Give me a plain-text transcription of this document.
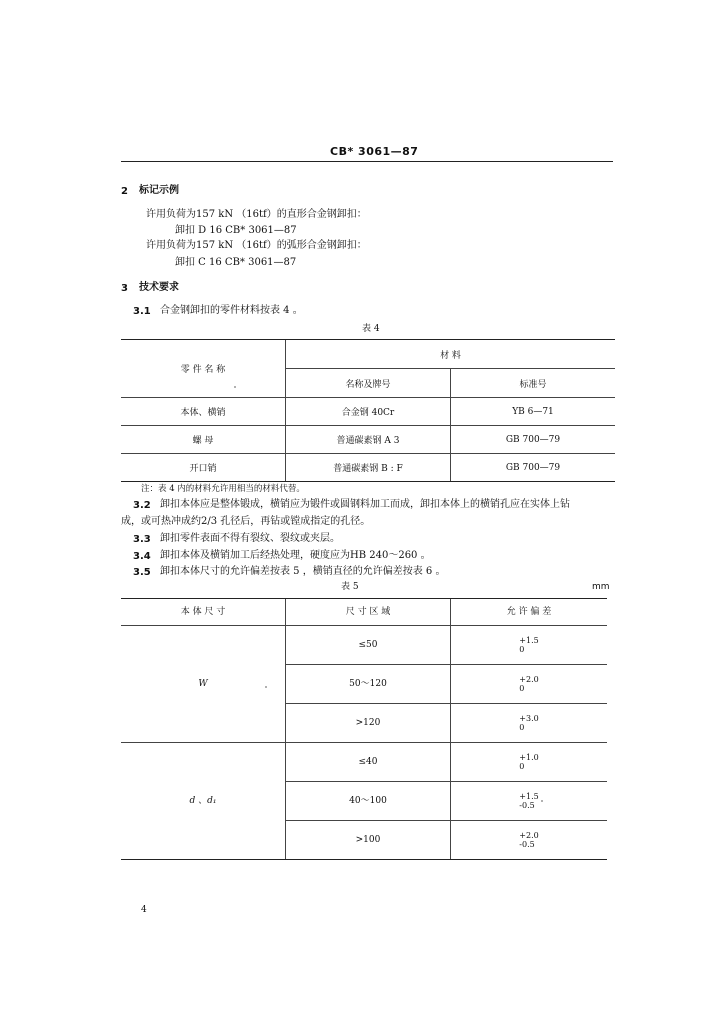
CB* 3061—87
2 标记示例
许用负荷为157 kN （16tf）的直形合金钢卸扣：
卸扣 D 16 CB* 3061—87
许用负荷为157 kN （16tf）的弧形合金钢卸扣：
卸扣 C 16 CB* 3061—87
3 技术要求
3.1 合金钢卸扣的零件材料按表 4 。
表 4
零 件 名 称	材 料	
	名称及牌号	标准号
本体、横销	合金钢 40Cr	YB 6—71
螺 母	普通碳素钢 A 3	GB 700—79
开口销	普通碳素钢 B : F	GB 700—79
注：表 4 内的材料允许用相当的材料代替。
3.2 卸扣本体应是整体锻成，横销应为锻件或圆钢料加工而成，卸扣本体上的横销孔应在实体上钻
成，或可热冲成约2/3 孔径后，再钻或镗成指定的孔径。
3.3 卸扣零件表面不得有裂纹、裂纹或夹层。
3.4 卸扣本体及横销加工后经热处理，硬度应为HB 240～260 。
3.5 卸扣本体尺寸的允许偏差按表 5 ，横销直径的允许偏差按表 6 。
表 5	mm
本 体 尺 寸	尺 寸 区 域	允 许 偏 差
W	≤50	+1.5
0
	50～120	+2.0
0
	>120	+3.0
0
d 、d₁	≤40	+1.0
0
	40～100	+1.5
-0.5
	>100	+2.0
-0.5
4
